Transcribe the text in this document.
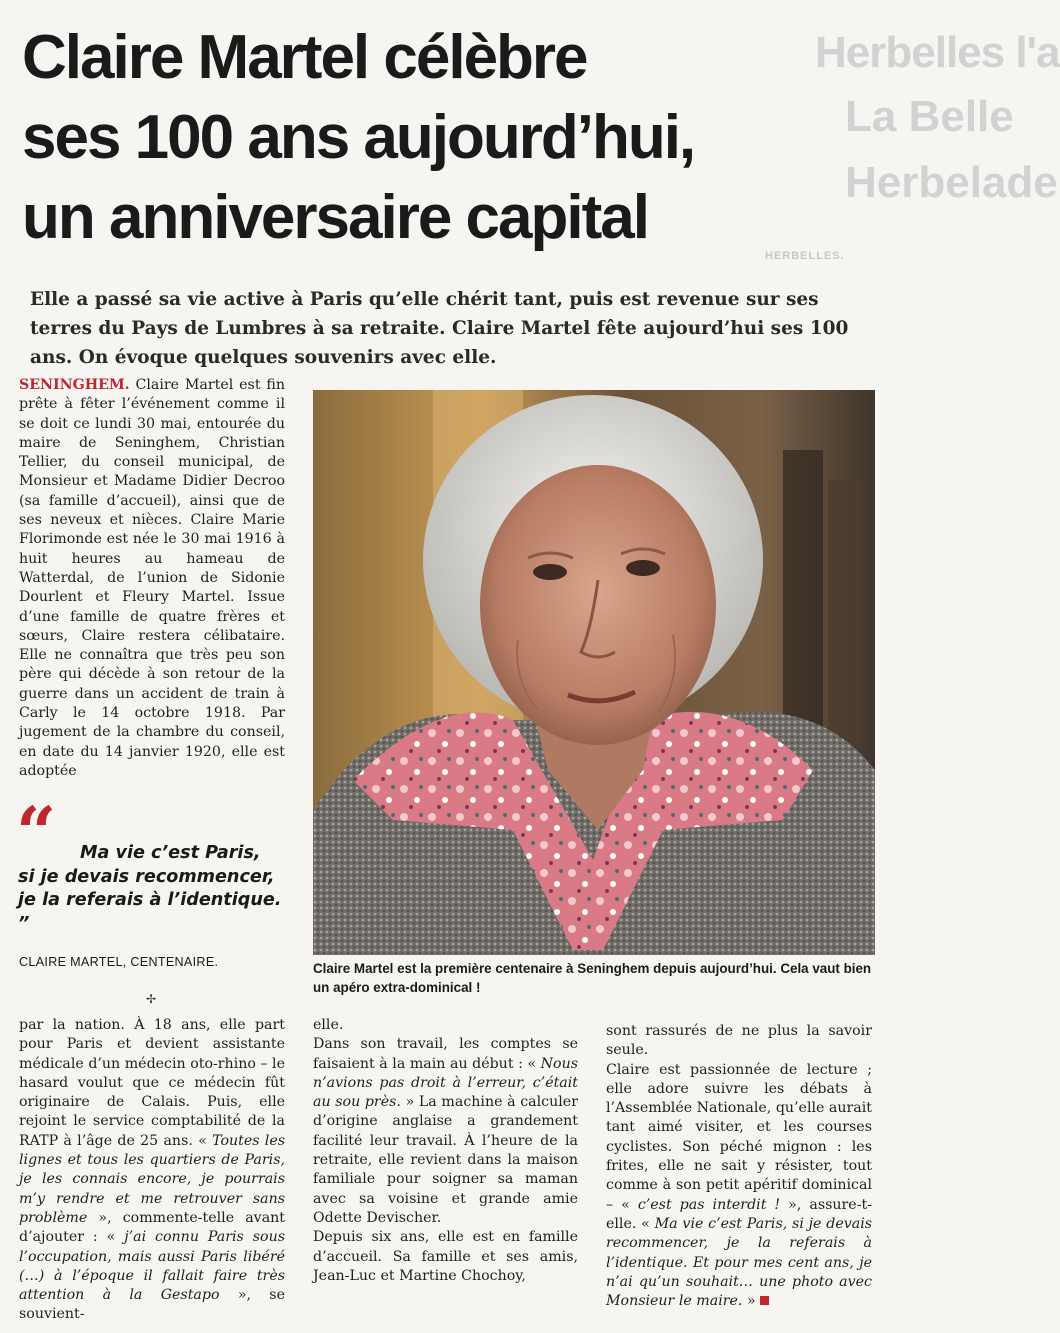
Herbelles l'a
La Belle
Herbelade
HERBELLES.
Claire Martel célèbre
ses 100 ans aujourd’hui,
un anniversaire capital

Elle a passé sa vie active à Paris qu’elle chérit tant, puis est revenue sur ses terres du Pays de Lumbres à sa retraite. Claire Martel fête aujourd’hui ses 100 ans. On évoque quelques souvenirs avec elle.

SENINGHEM. Claire Martel est fin prête à fêter l’événement comme il se doit ce lundi 30 mai, entourée du maire de Seninghem, Christian Tellier, du conseil municipal, de Monsieur et Madame Didier Decroo (sa famille d’accueil), ainsi que de ses neveux et nièces. Claire Marie Florimonde est née le 30 mai 1916 à huit heures au hameau de Watterdal, de l’union de Sidonie Dourlent et Fleury Martel. Issue d’une famille de quatre frères et sœurs, Claire restera célibataire. Elle ne connaîtra que très peu son père qui décède à son retour de la guerre dans un accident de train à Carly le 14 octobre 1918. Par jugement de la chambre du conseil, en date du 14 janvier 1920, elle est adoptée

Claire Martel est la première centenaire à Seninghem depuis aujourd’hui. Cela vaut bien un apéro extra-dominical !
“	Ma vie c’est Paris,
si je devais recommencer, je la referais à l’identique. ”
CLAIRE MARTEL, CENTENAIRE.
✢

par la nation. À 18 ans, elle part pour Paris et devient assistante médicale d’un médecin oto-rhino – le hasard voulut que ce médecin fût originaire de Calais. Puis, elle rejoint le service comptabilité de la RATP à l’âge de 25 ans. « Toutes les lignes et tous les quartiers de Paris, je les connais encore, je pourrais m’y rendre et me retrouver sans problème », commente-telle avant d’ajouter : « j’ai connu Paris sous l’occupation, mais aussi Paris libéré (…) à l’époque il fallait faire très attention à la Gestapo », se souvient-

elle.

Dans son travail, les comptes se faisaient à la main au début : « Nous n’avions pas droit à l’erreur, c’était au sou près. » La machine à calculer d’origine anglaise a grandement facilité leur travail. À l’heure de la retraite, elle revient dans la maison familiale pour soigner sa maman avec sa voisine et grande amie Odette Devischer.

Depuis six ans, elle est en famille d’accueil. Sa famille et ses amis, Jean-Luc et Martine Chochoy,

sont rassurés de ne plus la savoir seule.

Claire est passionnée de lecture ; elle adore suivre les débats à l’Assemblée Nationale, qu’elle aurait tant aimé visiter, et les courses cyclistes. Son péché mignon : les frites, elle ne sait y résister, tout comme à son petit apéritif dominical – « c’est pas interdit ! », assure-t-elle. « Ma vie c’est Paris, si je devais recommencer, je la referais à l’identique. Et pour mes cent ans, je n’ai qu’un souhait… une photo avec Monsieur le maire. »
